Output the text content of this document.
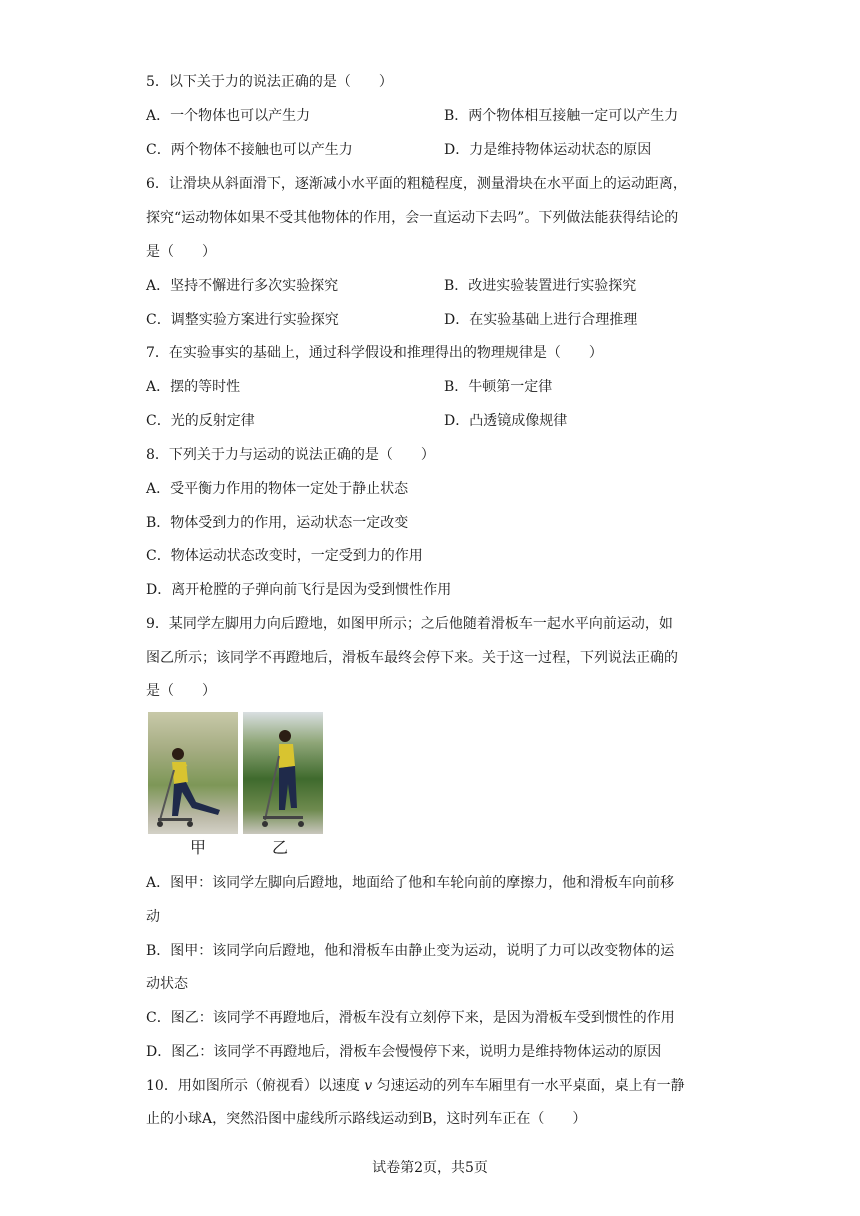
5．以下关于力的说法正确的是（　　）
A．一个物体也可以产生力	B．两个物体相互接触一定可以产生力
C．两个物体不接触也可以产生力	D．力是维持物体运动状态的原因
6．让滑块从斜面滑下，逐渐减小水平面的粗糙程度，测量滑块在水平面上的运动距离，
探究“运动物体如果不受其他物体的作用，会一直运动下去吗”。下列做法能获得结论的
是（　　）
A．坚持不懈进行多次实验探究	B．改进实验装置进行实验探究
C．调整实验方案进行实验探究	D．在实验基础上进行合理推理
7．在实验事实的基础上，通过科学假设和推理得出的物理规律是（　　）
A．摆的等时性	B．牛顿第一定律
C．光的反射定律	D．凸透镜成像规律
8．下列关于力与运动的说法正确的是（　　）
A．受平衡力作用的物体一定处于静止状态
B．物体受到力的作用，运动状态一定改变
C．物体运动状态改变时，一定受到力的作用
D．离开枪膛的子弹向前飞行是因为受到惯性作用
9．某同学左脚用力向后蹬地，如图甲所示；之后他随着滑板车一起水平向前运动，如
图乙所示；该同学不再蹬地后，滑板车最终会停下来。关于这一过程，下列说法正确的
是（　　）
甲	乙
A．图甲：该同学左脚向后蹬地，地面给了他和车轮向前的摩擦力，他和滑板车向前移
动
B．图甲：该同学向后蹬地，他和滑板车由静止变为运动，说明了力可以改变物体的运
动状态
C．图乙：该同学不再蹬地后，滑板车没有立刻停下来，是因为滑板车受到惯性的作用
D．图乙：该同学不再蹬地后，滑板车会慢慢停下来，说明力是维持物体运动的原因
10．用如图所示（俯视看）以速度 v 匀速运动的列车车厢里有一水平桌面，桌上有一静
止的小球A，突然沿图中虚线所示路线运动到B，这时列车正在（　　）
试卷第2页，共5页
